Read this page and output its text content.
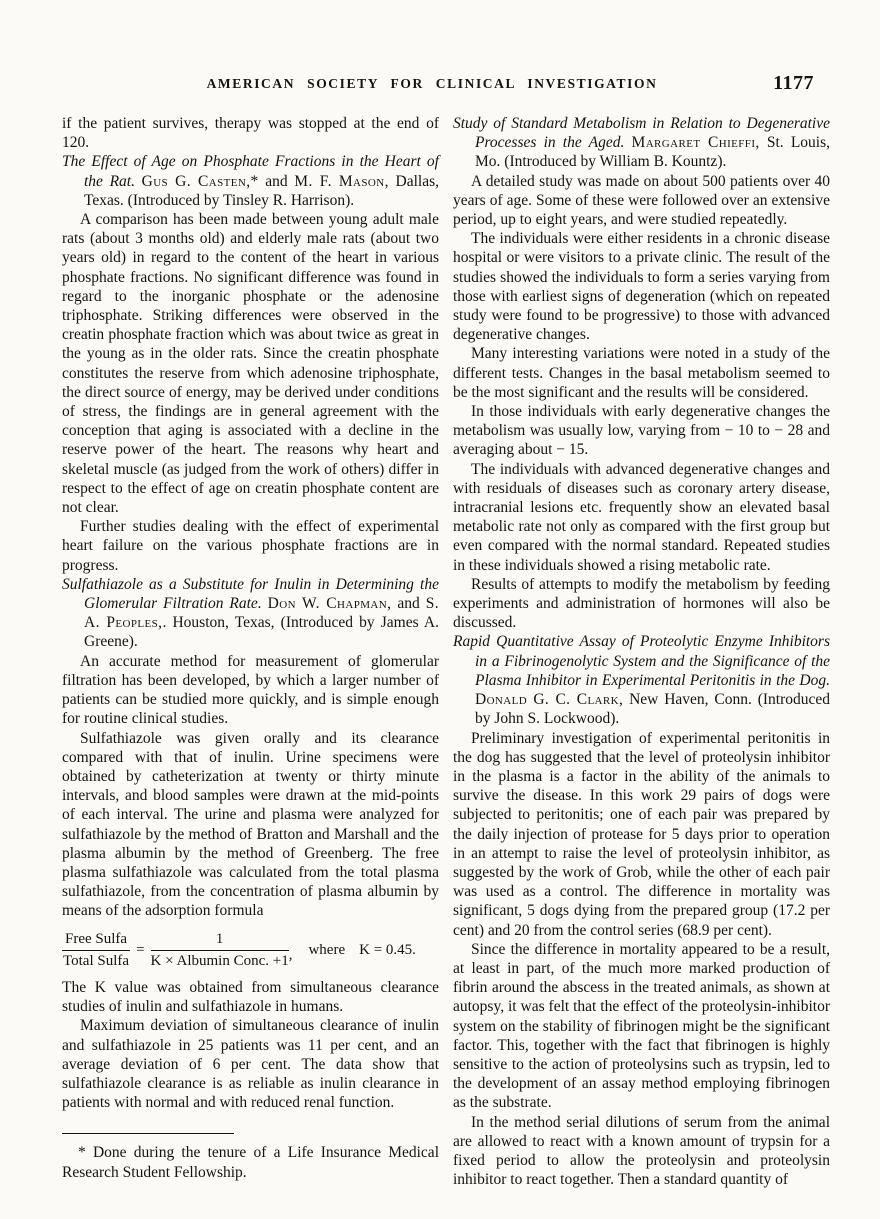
AMERICAN SOCIETY FOR CLINICAL INVESTIGATION	1177

if the patient survives, therapy was stopped at the end of 120.

The Effect of Age on Phosphate Fractions in the Heart of the Rat. Gus G. Casten,* and M. F. Mason, Dallas, Texas. (Introduced by Tinsley R. Harrison).

A comparison has been made between young adult male rats (about 3 months old) and elderly male rats (about two years old) in regard to the content of the heart in various phosphate fractions. No significant difference was found in regard to the inorganic phosphate or the adenosine triphosphate. Striking differences were observed in the creatin phosphate fraction which was about twice as great in the young as in the older rats. Since the creatin phosphate constitutes the reserve from which adenosine triphosphate, the direct source of energy, may be derived under conditions of stress, the findings are in general agreement with the conception that aging is associated with a decline in the reserve power of the heart. The reasons why heart and skeletal muscle (as judged from the work of others) differ in respect to the effect of age on creatin phosphate content are not clear.

Further studies dealing with the effect of experimental heart failure on the various phosphate fractions are in progress.

Sulfathiazole as a Substitute for Inulin in Determining the Glomerular Filtration Rate. Don W. Chapman, and S. A. Peoples,. Houston, Texas, (Introduced by James A. Greene).

An accurate method for measurement of glomerular filtration has been developed, by which a larger number of patients can be studied more quickly, and is simple enough for routine clinical studies.

Sulfathiazole was given orally and its clearance compared with that of inulin. Urine specimens were obtained by catheterization at twenty or thirty minute intervals, and blood samples were drawn at the mid-points of each interval. The urine and plasma were analyzed for sulfathiazole by the method of Bratton and Marshall and the plasma albumin by the method of Greenberg. The free plasma sulfathiazole was calculated from the total plasma sulfathiazole, from the concentration of plasma albumin by means of the adsorption formula

$\frac{\text{Free Sulfa}}{\text{Total Sulfa}} = \frac{1}{\text{K × Albumin Conc. +1}}$ , where K = 0.45.

The K value was obtained from simultaneous clearance studies of inulin and sulfathiazole in humans.

Maximum deviation of simultaneous clearance of inulin and sulfathiazole in 25 patients was 11 per cent, and an average deviation of 6 per cent. The data show that sulfathiazole clearance is as reliable as inulin clearance in patients with normal and with reduced renal function.

* Done during the tenure of a Life Insurance Medical Research Student Fellowship.

Study of Standard Metabolism in Relation to Degenerative Processes in the Aged. Margaret Chieffi, St. Louis, Mo. (Introduced by William B. Kountz).

A detailed study was made on about 500 patients over 40 years of age. Some of these were followed over an extensive period, up to eight years, and were studied repeatedly.

The individuals were either residents in a chronic disease hospital or were visitors to a private clinic. The result of the studies showed the individuals to form a series varying from those with earliest signs of degeneration (which on repeated study were found to be progressive) to those with advanced degenerative changes.

Many interesting variations were noted in a study of the different tests. Changes in the basal metabolism seemed to be the most significant and the results will be considered.

In those individuals with early degenerative changes the metabolism was usually low, varying from − 10 to − 28 and averaging about − 15.

The individuals with advanced degenerative changes and with residuals of diseases such as coronary artery disease, intracranial lesions etc. frequently show an elevated basal metabolic rate not only as compared with the first group but even compared with the normal standard. Repeated studies in these individuals showed a rising metabolic rate.

Results of attempts to modify the metabolism by feeding experiments and administration of hormones will also be discussed.

Rapid Quantitative Assay of Proteolytic Enzyme Inhibitors in a Fibrinogenolytic System and the Significance of the Plasma Inhibitor in Experimental Peritonitis in the Dog. Donald G. C. Clark, New Haven, Conn. (Introduced by John S. Lockwood).

Preliminary investigation of experimental peritonitis in the dog has suggested that the level of proteolysin inhibitor in the plasma is a factor in the ability of the animals to survive the disease. In this work 29 pairs of dogs were subjected to peritonitis; one of each pair was prepared by the daily injection of protease for 5 days prior to operation in an attempt to raise the level of proteolysin inhibitor, as suggested by the work of Grob, while the other of each pair was used as a control. The difference in mortality was significant, 5 dogs dying from the prepared group (17.2 per cent) and 20 from the control series (68.9 per cent).

Since the difference in mortality appeared to be a result, at least in part, of the much more marked production of fibrin around the abscess in the treated animals, as shown at autopsy, it was felt that the effect of the proteolysin-inhibitor system on the stability of fibrinogen might be the significant factor. This, together with the fact that fibrinogen is highly sensitive to the action of proteolysins such as trypsin, led to the development of an assay method employing fibrinogen as the substrate.

In the method serial dilutions of serum from the animal are allowed to react with a known amount of trypsin for a fixed period to allow the proteolysin and proteolysin inhibitor to react together. Then a standard quantity of
